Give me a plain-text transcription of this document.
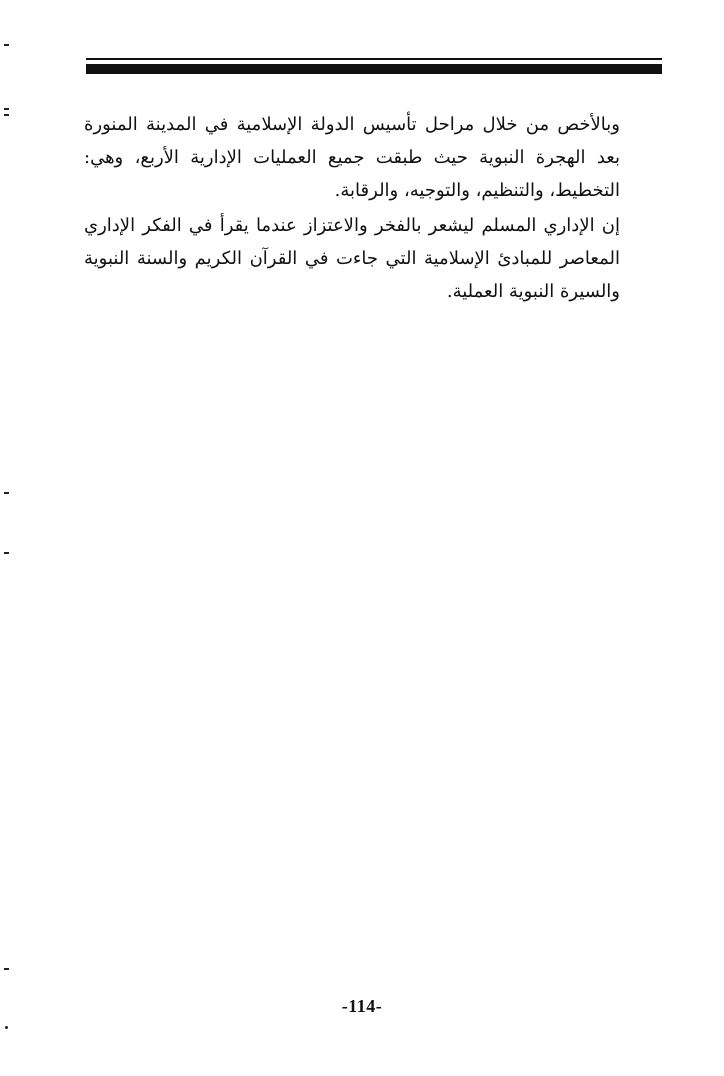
وبالأخص من خلال مراحل تأسيس الدولة الإسلامية في المدينة المنورة بعد الهجرة النبوية حيث طبقت جميع العمليات الإدارية الأربع، وهي: التخطيط، والتنظيم، والتوجيه، والرقابة.

إن الإداري المسلم ليشعر بالفخر والاعتزاز عندما يقرأ في الفكر الإداري المعاصر للمبادئ الإسلامية التي جاءت في القرآن الكريم والسنة النبوية والسيرة النبوية العملية.

-114-
